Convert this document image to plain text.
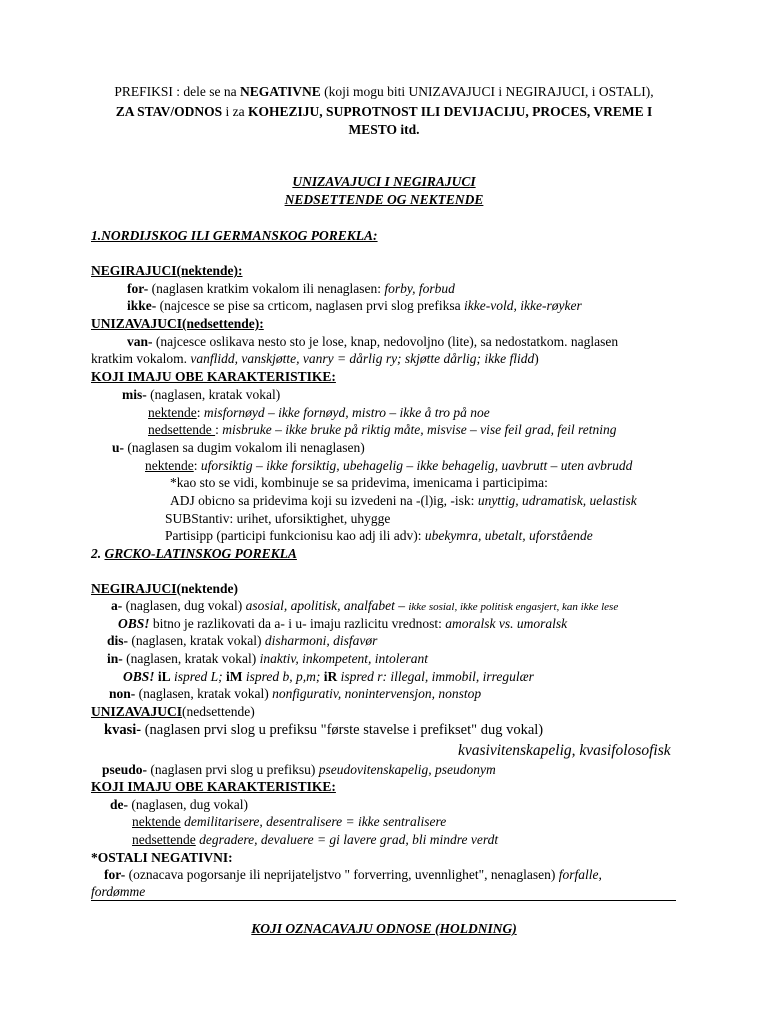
PREFIKSI : dele se na NEGATIVNE (koji mogu biti UNIZAVAJUCI i NEGIRAJUCI, i OSTALI),
ZA STAV/ODNOS i za KOHEZIJU, SUPROTNOST ILI DEVIJACIJU, PROCES, VREME I
MESTO itd.
UNIZAVAJUCI I NEGIRAJUCI
NEDSETTENDE OG NEKTENDE
1.NORDIJSKOG ILI GERMANSKOG POREKLA:
NEGIRAJUCI(nektende):
for- (naglasen kratkim vokalom ili nenaglasen: forby, forbud
ikke- (najcesce se pise sa crticom, naglasen prvi slog prefiksa ikke-vold, ikke-røyker
UNIZAVAJUCI(nedsettende):
van- (najcesce oslikava nesto sto je lose, knap, nedovoljno (lite), sa nedostatkom. naglasen
kratkim vokalom. vanflidd, vanskjøtte, vanry = dårlig ry; skjøtte dårlig; ikke flidd)
KOJI IMAJU OBE KARAKTERISTIKE:
mis- (naglasen, kratak vokal)
nektende: misfornøyd – ikke fornøyd, mistro – ikke å tro på noe
nedsettende : misbruke – ikke bruke på riktig måte, misvise – vise feil grad, feil retning
u- (naglasen sa dugim vokalom ili nenaglasen)
nektende: uforsiktig – ikke forsiktig, ubehagelig – ikke behagelig, uavbrutt – uten avbrudd
*kao sto se vidi, kombinuje se sa pridevima, imenicama i participima:
ADJ obicno sa pridevima koji su izvedeni na -(l)ig, -isk: unyttig, udramatisk, uelastisk
SUBStantiv: urihet, uforsiktighet, uhygge
Partisipp (participi funkcionisu kao adj ili adv): ubekymra, ubetalt, uforstående
2. GRCKO-LATINSKOG POREKLA
NEGIRAJUCI(nektende)
a- (naglasen, dug vokal) asosial, apolitisk, analfabet – ikke sosial, ikke politisk engasjert, kan ikke lese
OBS! bitno je razlikovati da a- i u- imaju razlicitu vrednost: amoralsk vs. umoralsk
dis- (naglasen, kratak vokal) disharmoni, disfavør
in- (naglasen, kratak vokal) inaktiv, inkompetent, intolerant
OBS! iL ispred L; iM ispred b, p,m; iR ispred r: illegal, immobil, irregulær
non- (naglasen, kratak vokal) nonfigurativ, nonintervensjon, nonstop
UNIZAVAJUCI(nedsettende)
kvasi- (naglasen prvi slog u prefiksu "første stavelse i prefikset" dug vokal)
kvasivitenskapelig, kvasifolosofisk
pseudo- (naglasen prvi slog u prefiksu) pseudovitenskapelig, pseudonym
KOJI IMAJU OBE KARAKTERISTIKE:
de- (naglasen, dug vokal)
nektende demilitarisere, desentralisere = ikke sentralisere
nedsettende degradere, devaluere = gi lavere grad, bli mindre verdt
*OSTALI NEGATIVNI:
for- (oznacava pogorsanje ili neprijateljstvo " forverring, uvennlighet", nenaglasen) forfalle,
fordømme
KOJI OZNACAVAJU ODNOSE (HOLDNING)
